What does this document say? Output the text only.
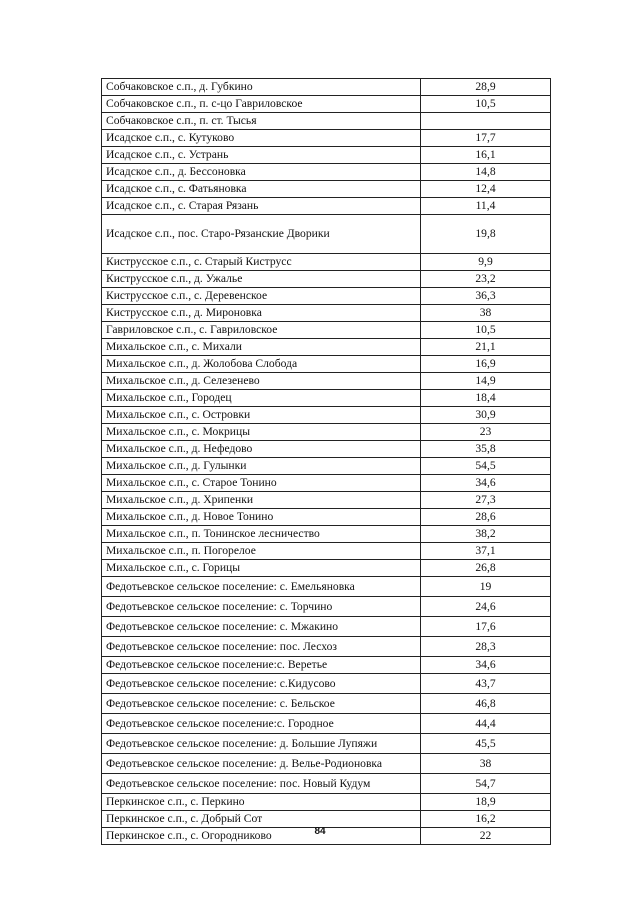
Собчаковское с.п., д. Губкино	28,9
Собчаковское с.п., п. с-цо Гавриловское	10,5
Собчаковское с.п., п. ст. Тысья	
Исадское с.п., с. Кутуково	17,7
Исадское с.п., с. Устрань	16,1
Исадское с.п., д. Бессоновка	14,8
Исадское с.п., с. Фатьяновка	12,4
Исадское с.п., с. Старая Рязань	11,4
Исадское с.п., пос. Старо-Рязанские Дворики	19,8
Киструсское с.п., с. Старый Киструсс	9,9
Киструсское с.п., д. Ужалье	23,2
Киструсское с.п., с. Деревенское	36,3
Киструсское с.п., д. Мироновка	38
Гавриловское с.п., с. Гавриловское	10,5
Михальское с.п., с. Михали	21,1
Михальское с.п., д. Жолобова Слобода	16,9
Михальское с.п., д. Селезенево	14,9
Михальское с.п., Городец	18,4
Михальское с.п., с. Островки	30,9
Михальское с.п., с. Мокрицы	23
Михальское с.п., д. Нефедово	35,8
Михальское с.п., д. Гулынки	54,5
Михальское с.п., с. Старое Тонино	34,6
Михальское с.п., д. Хрипенки	27,3
Михальское с.п., д. Новое Тонино	28,6
Михальское с.п., п. Тонинское лесничество	38,2
Михальское с.п., п. Погорелое	37,1
Михальское с.п., с. Горицы	26,8
Федотьевское сельское поселение: с. Емельяновка	19
Федотьевское сельское поселение: с. Торчино	24,6
Федотьевское сельское поселение: с. Мжакино	17,6
Федотьевское сельское поселение: пос. Лесхоз	28,3
Федотьевское сельское поселение:с. Веретье	34,6
Федотьевское сельское поселение: с.Кидусово	43,7
Федотьевское сельское поселение: с. Бельское	46,8
Федотьевское сельское поселение:с. Городное	44,4
Федотьевское сельское поселение: д. Большие Лупяжи	45,5
Федотьевское сельское поселение: д. Велье-Родионовка	38
Федотьевское сельское поселение: пос. Новый Кудум	54,7
Перкинское с.п., с. Перкино	18,9
Перкинское с.п., с. Добрый Сот	16,2
Перкинское с.п., с. Огородниково	22
84
